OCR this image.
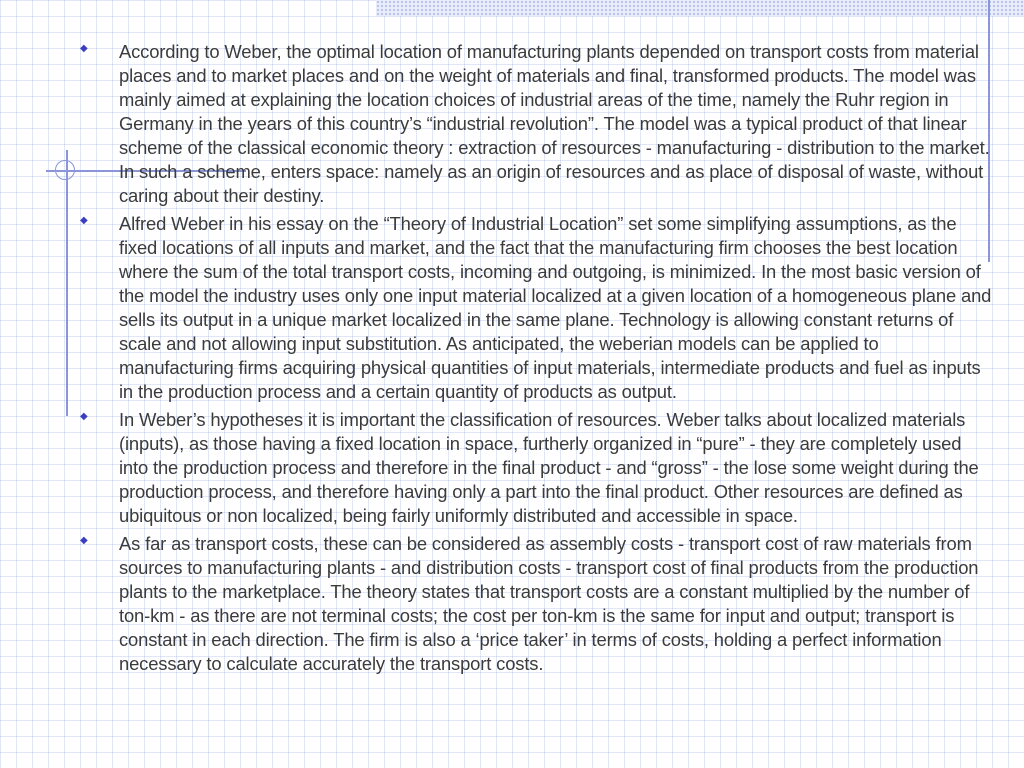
◆ According to Weber, the optimal location of manufacturing plants depended on transport costs from material places and to market places and on the weight of materials and final, transformed products. The model was mainly aimed at explaining the location choices of industrial areas of the time, namely the Ruhr region in Germany in the years of this country’s “industrial revolution”. The model was a typical product of that linear scheme of the classical economic theory : extraction of resources - manufacturing - distribution to the market. In such a scheme, enters space: namely as an origin of resources and as place of disposal of waste, without caring about their destiny.

◆ Alfred Weber in his essay on the “Theory of Industrial Location” set some simplifying assumptions, as the fixed locations of all inputs and market, and the fact that the manufacturing firm chooses the best location where the sum of the total transport costs, incoming and outgoing, is minimized. In the most basic version of the model the industry uses only one input material localized at a given location of a homogeneous plane and sells its output in a unique market localized in the same plane. Technology is allowing constant returns of scale and not allowing input substitution. As anticipated, the weberian models can be applied to manufacturing firms acquiring physical quantities of input materials, intermediate products and fuel as inputs in the production process and a certain quantity of products as output.

◆ In Weber’s hypotheses it is important the classification of resources. Weber talks about localized materials (inputs), as those having a fixed location in space, furtherly organized in “pure” - they are completely used into the production process and therefore in the final product - and “gross” - the lose some weight during the production process, and therefore having only a part into the final product. Other resources are defined as ubiquitous or non localized, being fairly uniformly distributed and accessible in space.

◆ As far as transport costs, these can be considered as assembly costs - transport cost of raw materials from sources to manufacturing plants - and distribution costs - transport cost of final products from the production plants to the marketplace. The theory states that transport costs are a constant multiplied by the number of ton-km - as there are not terminal costs; the cost per ton-km is the same for input and output; transport is constant in each direction. The firm is also a ‘price taker’ in terms of costs, holding a perfect information necessary to calculate accurately the transport costs.
